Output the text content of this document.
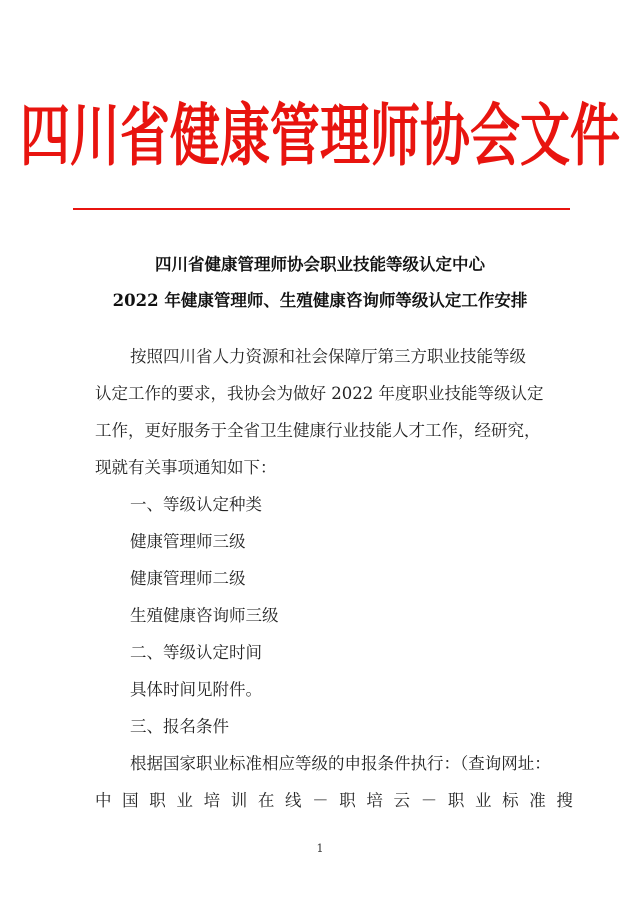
四川省健康管理师协会文件
四川省健康管理师协会职业技能等级认定中心
2022 年健康管理师、生殖健康咨询师等级认定工作安排
按照四川省人力资源和社会保障厅第三方职业技能等级
认定工作的要求，我协会为做好 2022 年度职业技能等级认定
工作，更好服务于全省卫生健康行业技能人才工作，经研究，
现就有关事项通知如下：
一、等级认定种类
健康管理师三级
健康管理师二级
生殖健康咨询师三级
二、等级认定时间
具体时间见附件。
三、报名条件
根据国家职业标准相应等级的申报条件执行：（查询网址：
中 国 职 业 培 训 在 线 － 职 培 云 － 职 业 标 准 搜
1
